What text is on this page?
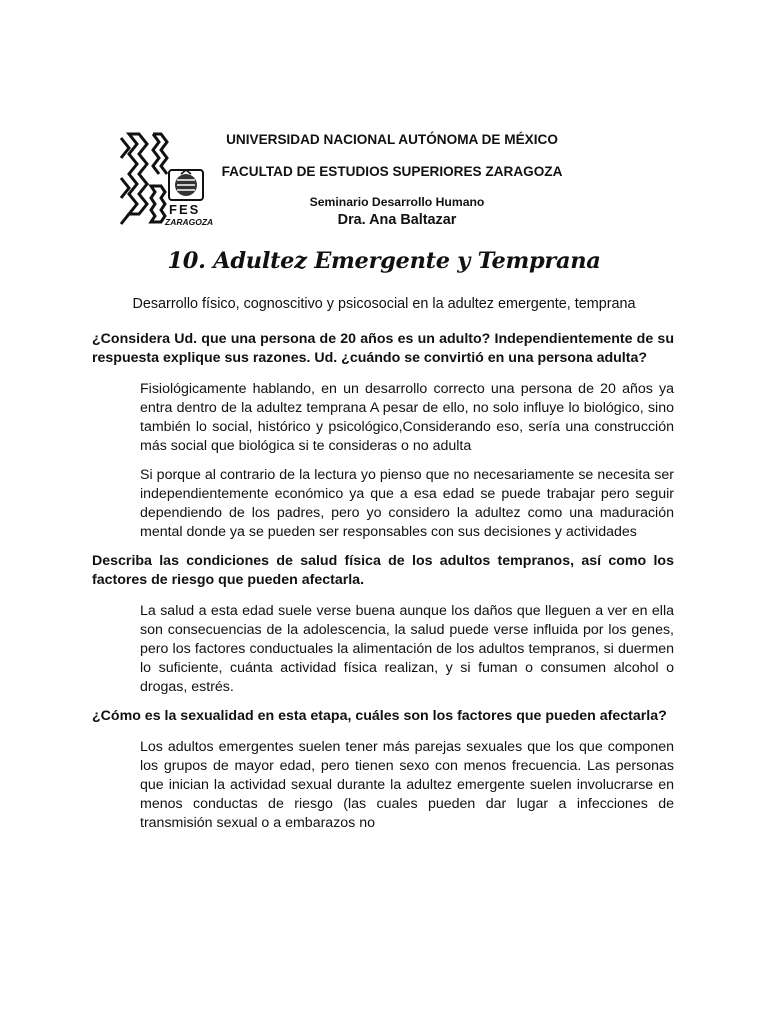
FES
ZARAGOZA
UNIVERSIDAD NACIONAL AUTÓNOMA DE MÉXICO
FACULTAD DE ESTUDIOS SUPERIORES ZARAGOZA
Seminario Desarrollo Humano
Dra. Ana Baltazar
10. Adultez Emergente y Temprana
Desarrollo físico, cognoscitivo y psicosocial en la adultez emergente, temprana

¿Considera Ud. que una persona de 20 años es un adulto? Independientemente de su respuesta explique sus razones. Ud. ¿cuándo se convirtió en una persona adulta?

Fisiológicamente hablando, en un desarrollo correcto una persona de 20 años ya entra dentro de la adultez temprana A pesar de ello, no solo influye lo biológico, sino también lo social, histórico y psicológico,Considerando eso, sería una construcción más social que biológica si te consideras o no adulta

Si porque al contrario de la lectura yo pienso que no necesariamente se necesita ser independientemente económico ya que a esa edad se puede trabajar pero seguir dependiendo de los padres, pero yo considero la adultez como una maduración mental donde ya se pueden ser responsables con sus decisiones y actividades

Describa las condiciones de salud física de los adultos tempranos, así como los factores de riesgo que pueden afectarla.

La salud a esta edad suele verse buena aunque los daños que lleguen a ver en ella son consecuencias de la adolescencia, la salud puede verse influida por los genes, pero los factores conductuales la alimentación de los adultos tempranos, si duermen lo suficiente, cuánta actividad física realizan, y si fuman o consumen alcohol o drogas, estrés.

¿Cómo es la sexualidad en esta etapa, cuáles son los factores que pueden afectarla?

Los adultos emergentes suelen tener más parejas sexuales que los que componen los grupos de mayor edad, pero tienen sexo con menos frecuencia. Las personas que inician la actividad sexual durante la adultez emergente suelen involucrarse en menos conductas de riesgo (las cuales pueden dar lugar a infecciones de transmisión sexual o a embarazos no
